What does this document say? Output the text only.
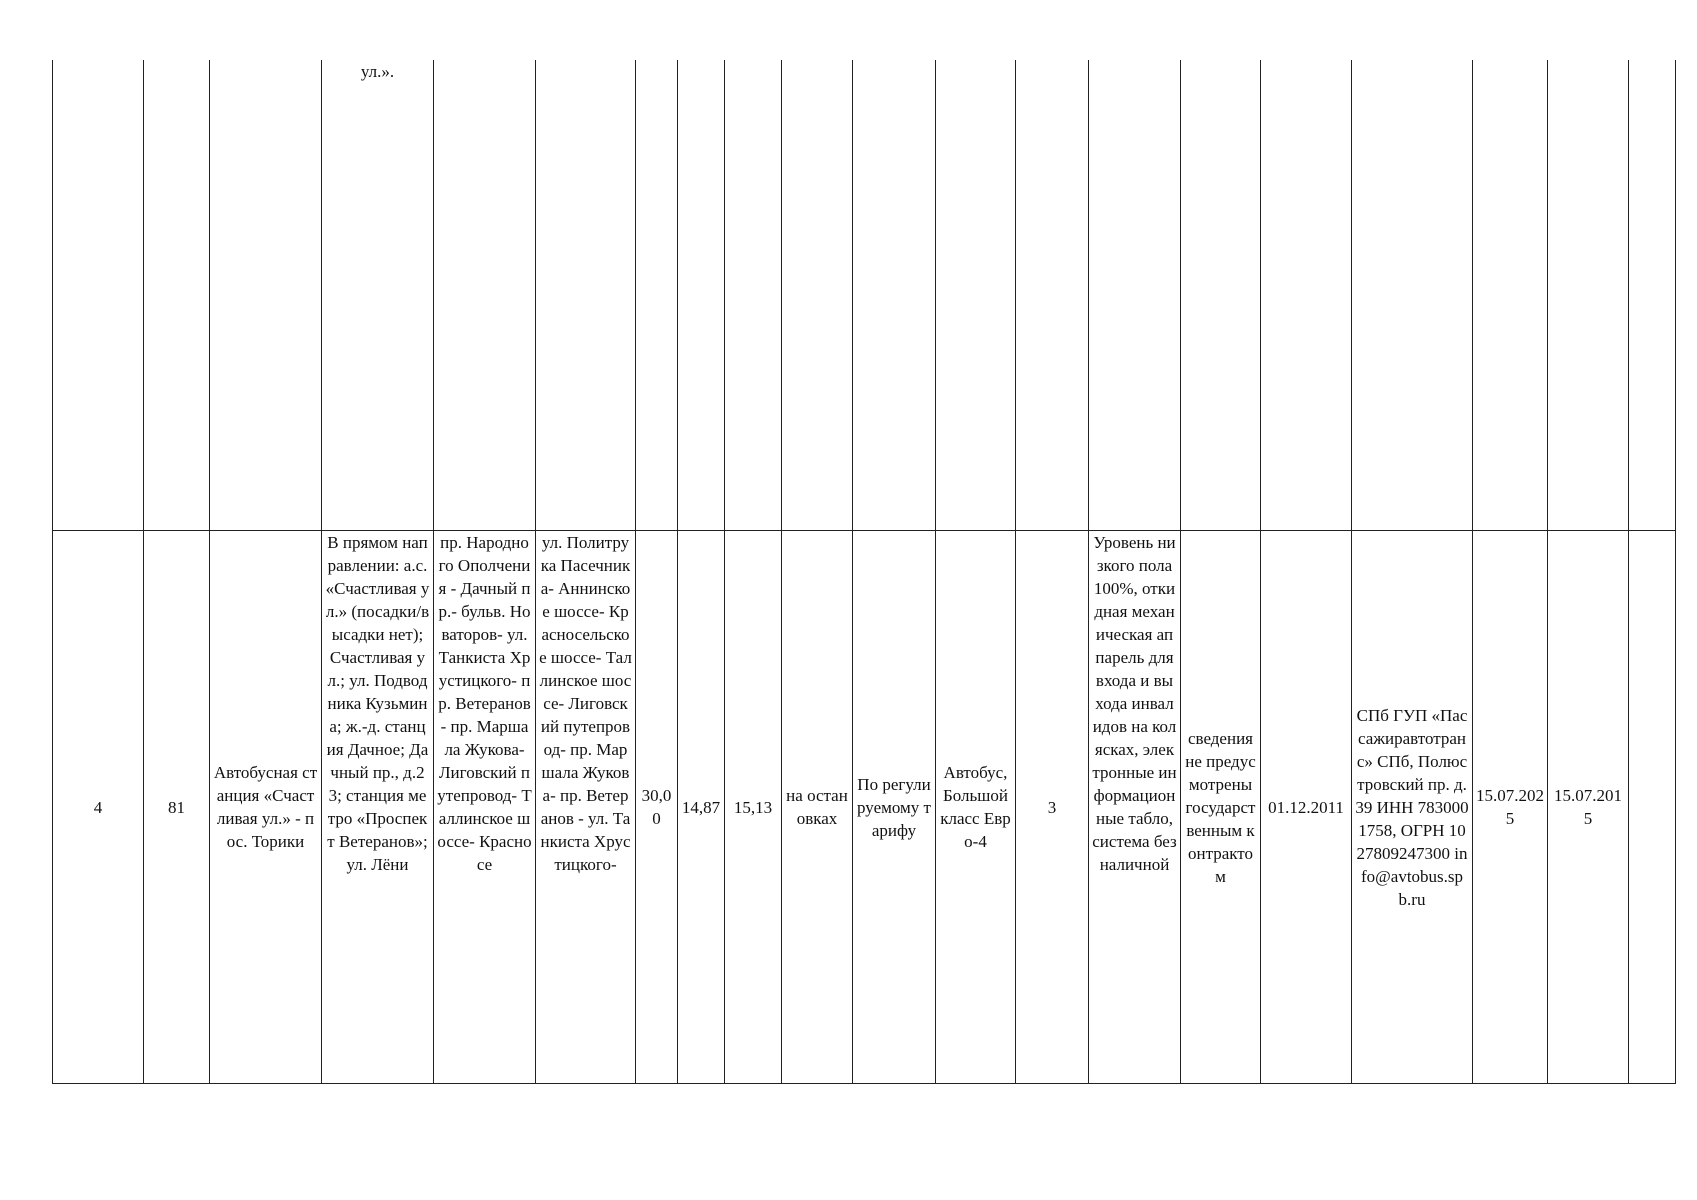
			ул.».																
4	81	Автобусная станция «Счастливая ул.» - пос. Торики	В прямом направлении: а.с. «Счастливая ул.» (посадки/высадки нет); Счастливая ул.; ул. Подводника Кузьмина; ж.-д. станция Дачное; Дачный пр., д.23; станция метро «Проспект Ветеранов»; ул. Лёни	пр. Народного Ополчения - Дачный пр.- бульв. Новаторов- ул. Танкиста Хрустицкого- пр. Ветеранов- пр. Маршала Жукова- Лиговский путепровод- Таллинское шоссе- Красносе	ул. Политрука Пасечника- Аннинское шоссе- Красносельское шоссе- Таллинское шоссе- Лиговский путепровод- пр. Маршала Жукова- пр. Ветеранов - ул. Танкиста Хрустицкого-	30,00	14,87	15,13	на остановках	По регулируемому тарифу	Автобус, Большой класс Евро-4	3	Уровень низкого пола 100%, откидная механическая аппарель для входа и выхода инвалидов на колясках, электронные информационные табло, система безналичной	сведения не предусмотрены государственным контрактом	01.12.2011	СПб ГУП «Пассажиравтотранс» СПб, Полюстровский пр. д.39 ИНН 7830001758, ОГРН 1027809247300 info@avtobus.spb.ru	15.07.2025	15.07.2015	
